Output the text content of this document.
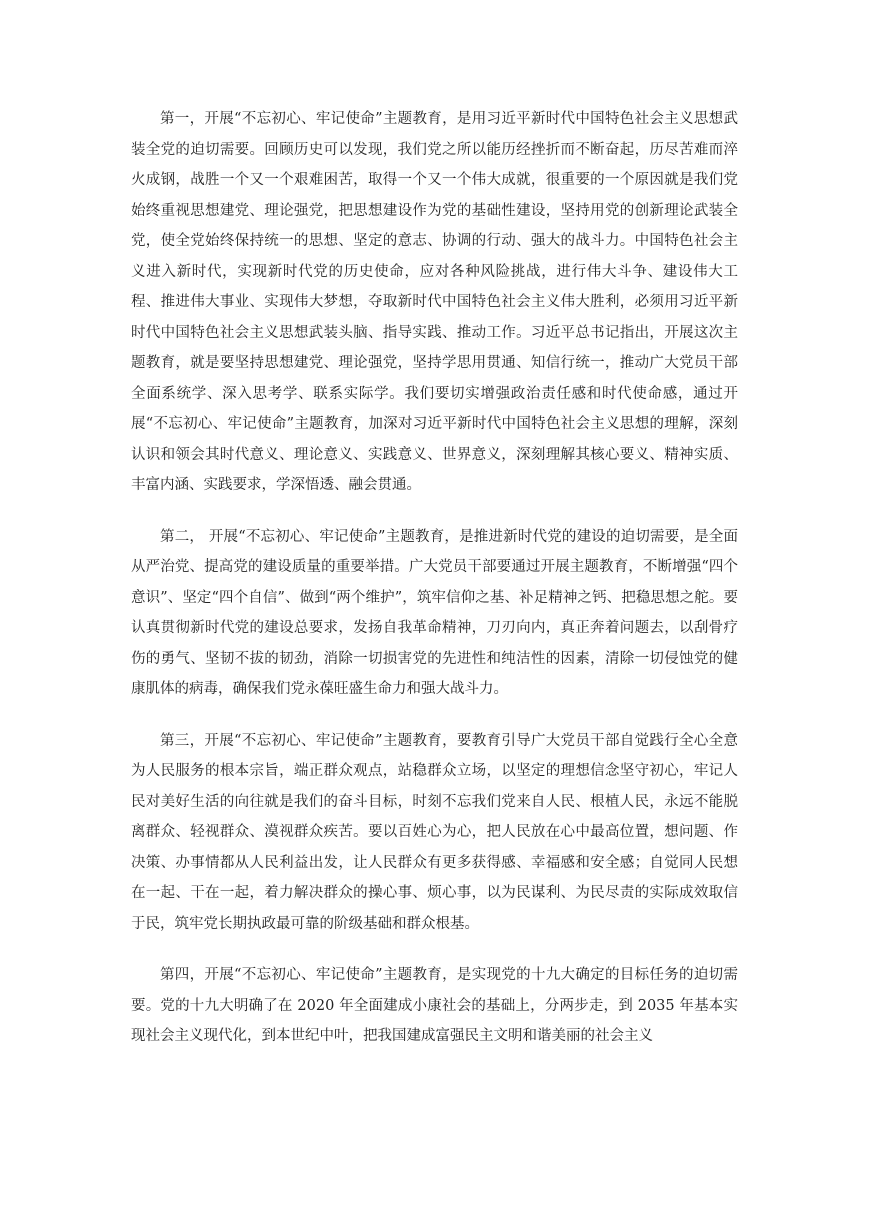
第一，开展“不忘初心、牢记使命”主题教育，是用习近平新时代中国特色社会主义思想武装全党的迫切需要。回顾历史可以发现，我们党之所以能历经挫折而不断奋起，历尽苦难而淬火成钢，战胜一个又一个艰难困苦，取得一个又一个伟大成就，很重要的一个原因就是我们党始终重视思想建党、理论强党，把思想建设作为党的基础性建设，坚持用党的创新理论武装全党，使全党始终保持统一的思想、坚定的意志、协调的行动、强大的战斗力。中国特色社会主义进入新时代，实现新时代党的历史使命，应对各种风险挑战，进行伟大斗争、建设伟大工程、推进伟大事业、实现伟大梦想，夺取新时代中国特色社会主义伟大胜利，必须用习近平新时代中国特色社会主义思想武装头脑、指导实践、推动工作。习近平总书记指出，开展这次主题教育，就是要坚持思想建党、理论强党，坚持学思用贯通、知信行统一，推动广大党员干部全面系统学、深入思考学、联系实际学。我们要切实增强政治责任感和时代使命感，通过开展“不忘初心、牢记使命”主题教育，加深对习近平新时代中国特色社会主义思想的理解，深刻认识和领会其时代意义、理论意义、实践意义、世界意义，深刻理解其核心要义、精神实质、丰富内涵、实践要求，学深悟透、融会贯通。

第二， 开展“不忘初心、牢记使命”主题教育，是推进新时代党的建设的迫切需要，是全面从严治党、提高党的建设质量的重要举措。广大党员干部要通过开展主题教育，不断增强“四个意识”、坚定“四个自信”、做到“两个维护”，筑牢信仰之基、补足精神之钙、把稳思想之舵。要认真贯彻新时代党的建设总要求，发扬自我革命精神，刀刃向内，真正奔着问题去，以刮骨疗伤的勇气、坚韧不拔的韧劲，消除一切损害党的先进性和纯洁性的因素，清除一切侵蚀党的健康肌体的病毒，确保我们党永葆旺盛生命力和强大战斗力。

第三，开展“不忘初心、牢记使命”主题教育，要教育引导广大党员干部自觉践行全心全意为人民服务的根本宗旨，端正群众观点，站稳群众立场，以坚定的理想信念坚守初心，牢记人民对美好生活的向往就是我们的奋斗目标，时刻不忘我们党来自人民、根植人民，永远不能脱离群众、轻视群众、漠视群众疾苦。要以百姓心为心，把人民放在心中最高位置，想问题、作决策、办事情都从人民利益出发，让人民群众有更多获得感、幸福感和安全感；自觉同人民想在一起、干在一起，着力解决群众的操心事、烦心事，以为民谋利、为民尽责的实际成效取信于民，筑牢党长期执政最可靠的阶级基础和群众根基。

第四，开展“不忘初心、牢记使命”主题教育，是实现党的十九大确定的目标任务的迫切需要。党的十九大明确了在 2020 年全面建成小康社会的基础上，分两步走，到 2035 年基本实现社会主义现代化，到本世纪中叶，把我国建成富强民主文明和谐美丽的社会主义
